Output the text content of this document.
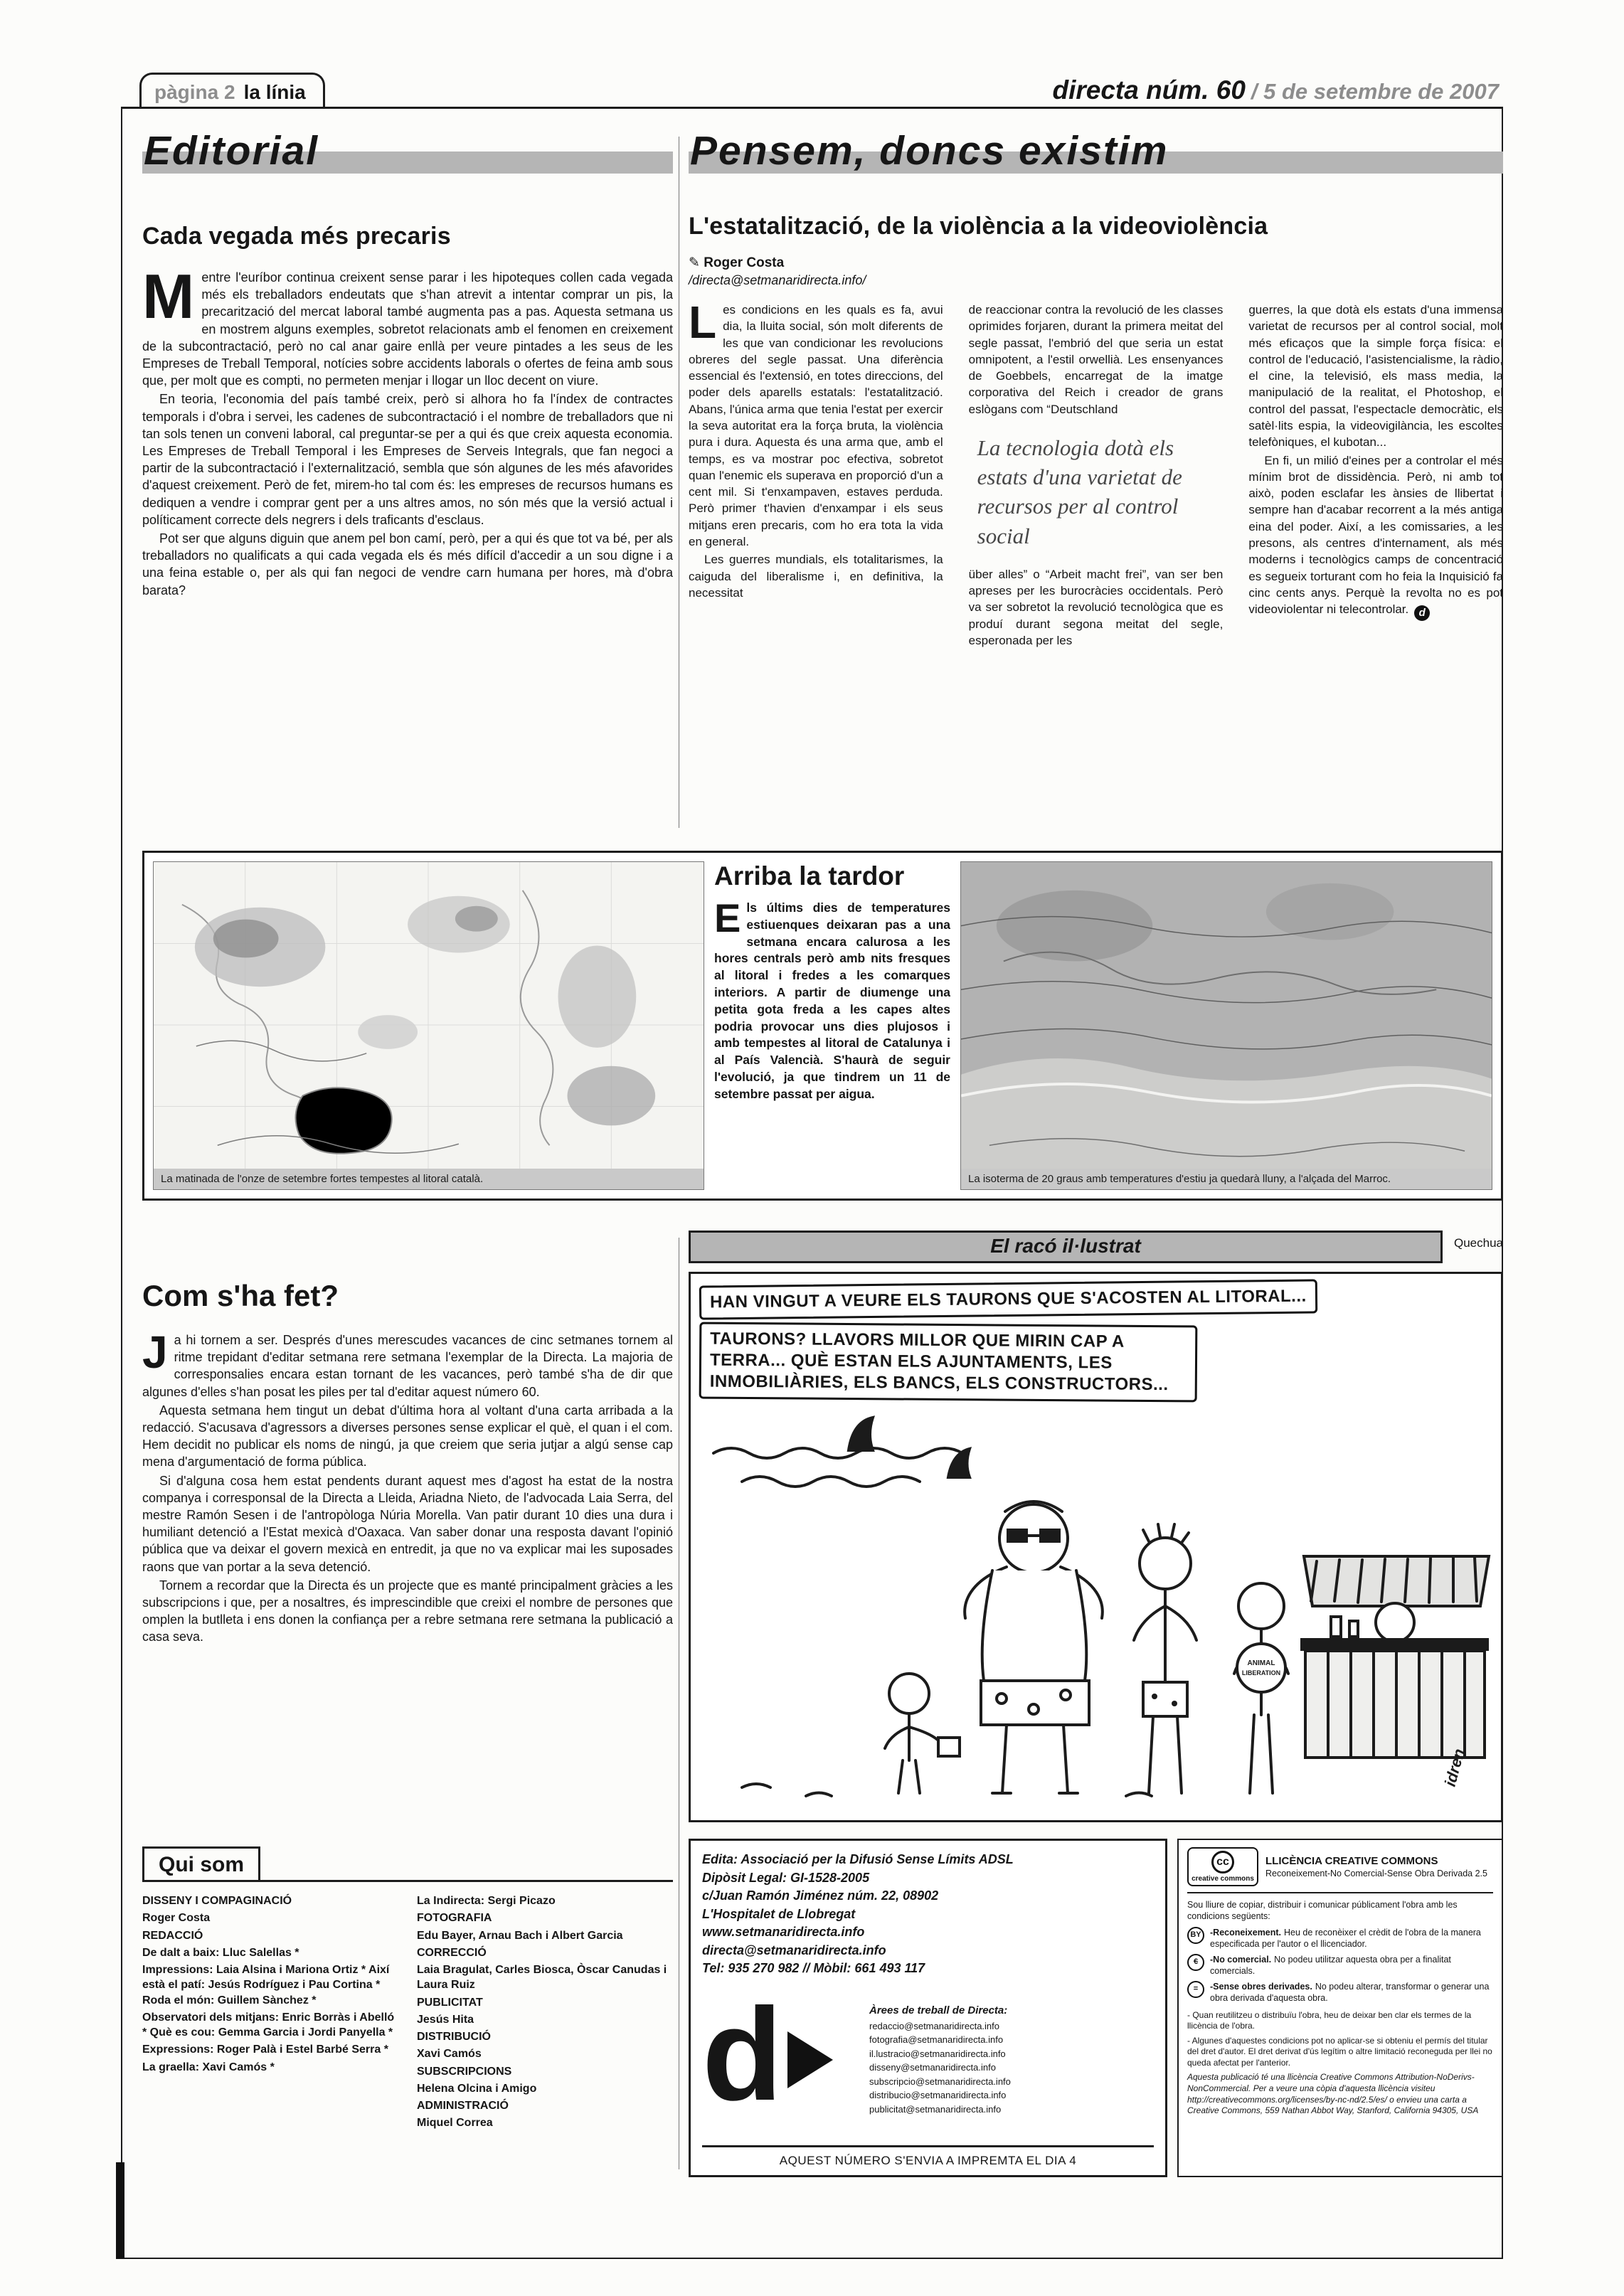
pàgina 2 la línia	directa núm. 60 / 5 de setembre de 2007
Editorial
Cada vegada més precaris

Mentre l'euríbor continua creixent sense parar i les hipoteques collen cada vegada més els treballadors endeutats que s'han atrevit a intentar comprar un pis, la precarització del mercat laboral també augmenta pas a pas. Aquesta setmana us en mostrem alguns exemples, sobretot relacionats amb el fenomen en creixement de la subcontractació, però no cal anar gaire enllà per veure pintades a les seus de les Empreses de Treball Temporal, notícies sobre accidents laborals o ofertes de feina amb sous que, per molt que es compti, no permeten menjar i llogar un lloc decent on viure.

En teoria, l'economia del país també creix, però si alhora ho fa l'índex de contractes temporals i d'obra i servei, les cadenes de subcontractació i el nombre de treballadors que ni tan sols tenen un conveni laboral, cal preguntar-se per a qui és que creix aquesta economia. Les Empreses de Treball Temporal i les Empreses de Serveis Integrals, que fan negoci a partir de la subcontractació i l'externalització, sembla que són algunes de les més afavorides d'aquest creixement. Però de fet, mirem-ho tal com és: les empreses de recursos humans es dediquen a vendre i comprar gent per a uns altres amos, no són més que la versió actual i políticament correcte dels negrers i dels traficants d'esclaus.

Pot ser que alguns diguin que anem pel bon camí, però, per a qui és que tot va bé, per als treballadors no qualificats a qui cada vegada els és més difícil d'accedir a un sou digne i a una feina estable o, per als qui fan negoci de vendre carn humana per hores, mà d'obra barata?

Pensem, doncs existim
L'estatalització, de la violència a la videoviolència
✎ Roger Costa
/directa@setmanaridirecta.info/

Les condicions en les quals es fa, avui dia, la lluita social, són molt diferents de les que van condicionar les revolucions obreres del segle passat. Una diferència essencial és l'extensió, en totes direccions, del poder dels aparells estatals: l'estatalització. Abans, l'única arma que tenia l'estat per exercir la seva autoritat era la força bruta, la violència pura i dura. Aquesta és una arma que, amb el temps, es va mostrar poc efectiva, sobretot quan l'enemic els superava en proporció d'un a cent mil. Si t'enxampaven, estaves perduda. Però primer t'havien d'enxampar i els seus mitjans eren precaris, com ho era tota la vida en general.

Les guerres mundials, els totalitarismes, la caiguda del liberalisme i, en definitiva, la necessitat

de reaccionar contra la revolució de les classes oprimides forjaren, durant la primera meitat del segle passat, l'embrió del que seria un estat omnipotent, a l'estil orwellià. Les ensenyances de Goebbels, encarregat de la imatge corporativa del Reich i creador de grans eslògans com “Deutschland

La tecnologia dotà els estats d'una varietat de recursos per al control social

über alles” o “Arbeit macht frei”, van ser ben apreses per les burocràcies occidentals. Però va ser sobretot la revolució tecnològica que es produí durant segona meitat del segle, esperonada per les

guerres, la que dotà els estats d'una immensa varietat de recursos per al control social, molt més eficaços que la simple força física: el control de l'educació, l'asistencialisme, la ràdio, el cine, la televisió, els mass media, la manipulació de la realitat, el Photoshop, el control del passat, l'espectacle democràtic, els satèl·lits espia, la videovigilància, les escoltes telefòniques, el kubotan...

En fi, un milió d'eines per a controlar el més mínim brot de dissidència. Però, ni amb tot això, poden esclafar les ànsies de llibertat i sempre han d'acabar recorrent a la més antiga eina del poder. Així, a les comissaries, a les presons, als centres d'internament, als més moderns i tecnològics camps de concentració es segueix torturant com ho feia la Inquisició fa cinc cents anys. Perquè la revolta no es pot videoviolentar ni telecontrolar. d

La matinada de l'onze de setembre fortes tempestes al litoral català.
Arriba la tardor
Els últims dies de temperatures estiuenques deixaran pas a una setmana encara calurosa a les hores centrals però amb nits fresques al litoral i fredes a les comarques interiors. A partir de diumenge una petita gota freda a les capes altes podria provocar uns dies plujosos i amb tempestes al litoral de Catalunya i al País Valencià. S'haurà de seguir l'evolució, ja que tindrem un 11 de setembre passat per aigua.
La isoterma de 20 graus amb temperatures d'estiu ja quedarà lluny, a l'alçada del Marroc.
El racó il·lustrat	Quechua
HAN VINGUT A VEURE ELS TAURONS QUE S'ACOSTEN AL LITORAL... TAURONS? LLAVORS MILLOR QUE MIRIN CAP A TERRA... QUÈ ESTAN ELS AJUNTAMENTS, LES INMOBILIÀRIES, ELS BANCS, ELS CONSTRUCTORS...
ANIMAL
LIBERATION
idren
Com s'ha fet?

Ja hi tornem a ser. Després d'unes merescudes vacances de cinc setmanes tornem al ritme trepidant d'editar setmana rere setmana l'exemplar de la Directa. La majoria de corresponsalies encara estan tornant de les vacances, però també s'ha de dir que algunes d'elles s'han posat les piles per tal d'editar aquest número 60.

Aquesta setmana hem tingut un debat d'última hora al voltant d'una carta arribada a la redacció. S'acusava d'agressors a diverses persones sense explicar el què, el quan i el com. Hem decidit no publicar els noms de ningú, ja que creiem que seria jutjar a algú sense cap mena d'argumentació de forma pública.

Si d'alguna cosa hem estat pendents durant aquest mes d'agost ha estat de la nostra companya i corresponsal de la Directa a Lleida, Ariadna Nieto, de l'advocada Laia Serra, del mestre Ramón Sesen i de l'antropòloga Núria Morella. Van patir durant 10 dies una dura i humiliant detenció a l'Estat mexicà d'Oaxaca. Van saber donar una resposta davant l'opinió pública que va deixar el govern mexicà en entredit, ja que no va explicar mai les suposades raons que van portar a la seva detenció.

Tornem a recordar que la Directa és un projecte que es manté principalment gràcies a les subscripcions i que, per a nosaltres, és imprescindible que creixi el nombre de persones que omplen la butlleta i ens donen la confiança per a rebre setmana rere setmana la publicació a casa seva.

Qui som
DISSENY I COMPAGINACIÓ
Roger Costa
REDACCIÓ
De dalt a baix: Lluc Salellas *
Impressions: Laia Alsina i Mariona Ortiz * Així està el patí: Jesús Rodríguez i Pau Cortina * Roda el món: Guillem Sànchez *
Observatori dels mitjans: Enric Borràs i Abelló * Què es cou: Gemma Garcia i Jordi Panyella *
Expressions: Roger Palà i Estel Barbé Serra *
La graella: Xavi Camós *
La Indirecta: Sergi Picazo
FOTOGRAFIA
Edu Bayer, Arnau Bach i Albert Garcia
CORRECCIÓ
Laia Bragulat, Carles Biosca, Òscar Canudas i Laura Ruiz
PUBLICITAT
Jesús Hita
DISTRIBUCIÓ
Xavi Camós
SUBSCRIPCIONS
Helena Olcina i Amigo
ADMINISTRACIÓ
Miquel Correa
Edita: Associació per la Difusió Sense Límits ADSL
Dipòsit Legal: GI-1528-2005
c/Juan Ramón Jiménez núm. 22, 08902
L'Hospitalet de Llobregat
www.setmanaridirecta.info
directa@setmanaridirecta.info
Tel: 935 270 982 // Mòbil: 661 493 117
d	Àrees de treball de Directa:
redaccio@setmanaridirecta.info
fotografia@setmanaridirecta.info
il.lustracio@setmanaridirecta.info
disseny@setmanaridirecta.info
subscripcio@setmanaridirecta.info
distribucio@setmanaridirecta.info
publicitat@setmanaridirecta.info
AQUEST NÚMERO S'ENVIA A IMPREMTA EL DIA 4
cc
creative commons
LLICÈNCIA CREATIVE COMMONS
Reconeixement-No Comercial-Sense Obra Derivada 2.5
Sou lliure de copiar, distribuir i comunicar públicament l'obra amb les condicions següents:
BY -Reconeixement. Heu de reconèixer el crèdit de l'obra de la manera especificada per l'autor o el llicenciador.
€ -No comercial. No podeu utilitzar aquesta obra per a finalitat comercials.
=	-Sense obres derivades. No podeu alterar, transformar o generar una obra derivada d'aquesta obra.
- Quan reutilitzeu o distribuïu l'obra, heu de deixar ben clar els termes de la llicència de l'obra.
- Algunes d'aquestes condicions pot no aplicar-se si obteniu el permís del titular del dret d'autor. El dret derivat d'ús legítim o altre limitació reconeguda per llei no queda afectat per l'anterior.
Aquesta publicació té una llicència Creative Commons Attribution-NoDerivs-NonCommercial. Per a veure una còpia d'aquesta llicència visiteu http://creativecommons.org/licenses/by-nc-nd/2.5/es/ o envieu una carta a Creative Commons, 559 Nathan Abbot Way, Stanford, California 94305, USA
